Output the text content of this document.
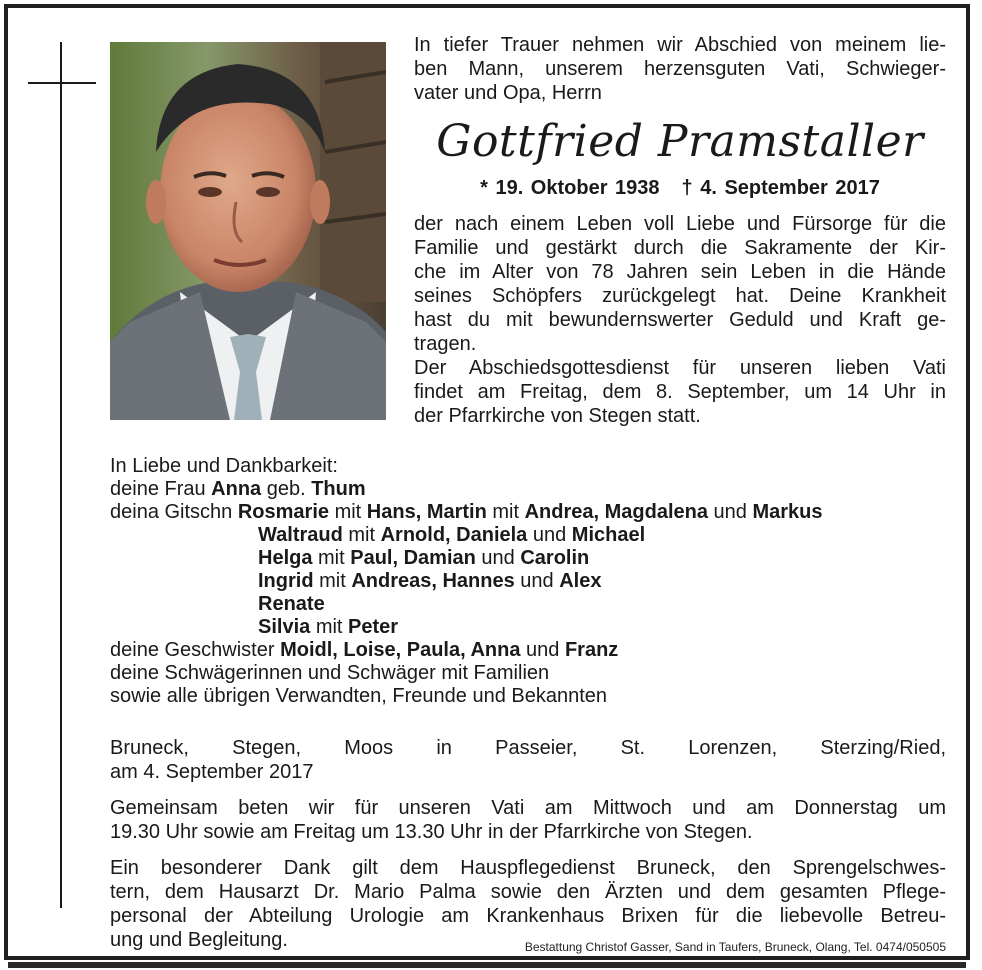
In tiefer Trauer nehmen wir Abschied von meinem lie-
ben Mann, unserem herzensguten Vati, Schwieger-
vater und Opa, Herrn
Gottfried Pramstaller
* 19. Oktober 1938 † 4. September 2017
der nach einem Leben voll Liebe und Fürsorge für die
Familie und gestärkt durch die Sakramente der Kir-
che im Alter von 78 Jahren sein Leben in die Hände
seines Schöpfers zurückgelegt hat. Deine Krankheit
hast du mit bewundernswerter Geduld und Kraft ge-
tragen.
Der Abschiedsgottesdienst für unseren lieben Vati
findet am Freitag, dem 8. September, um 14 Uhr in
der Pfarrkirche von Stegen statt.
In Liebe und Dankbarkeit:
deine Frau Anna geb. Thum
deina Gitschn Rosmarie mit Hans, Martin mit Andrea, Magdalena und Markus
Waltraud mit Arnold, Daniela und Michael
Helga mit Paul, Damian und Carolin
Ingrid mit Andreas, Hannes und Alex
Renate
Silvia mit Peter
deine Geschwister Moidl, Loise, Paula, Anna und Franz
deine Schwägerinnen und Schwäger mit Familien
sowie alle übrigen Verwandten, Freunde und Bekannten
Bruneck, Stegen, Moos in Passeier, St. Lorenzen, Sterzing/Ried,
am 4. September 2017
Gemeinsam beten wir für unseren Vati am Mittwoch und am Donnerstag um
19.30 Uhr sowie am Freitag um 13.30 Uhr in der Pfarrkirche von Stegen.
Ein besonderer Dank gilt dem Hauspflegedienst Bruneck, den Sprengelschwes-
tern, dem Hausarzt Dr. Mario Palma sowie den Ärzten und dem gesamten Pflege-
personal der Abteilung Urologie am Krankenhaus Brixen für die liebevolle Betreu-
ung und Begleitung.	Bestattung Christof Gasser, Sand in Taufers, Bruneck, Olang, Tel. 0474/050505
